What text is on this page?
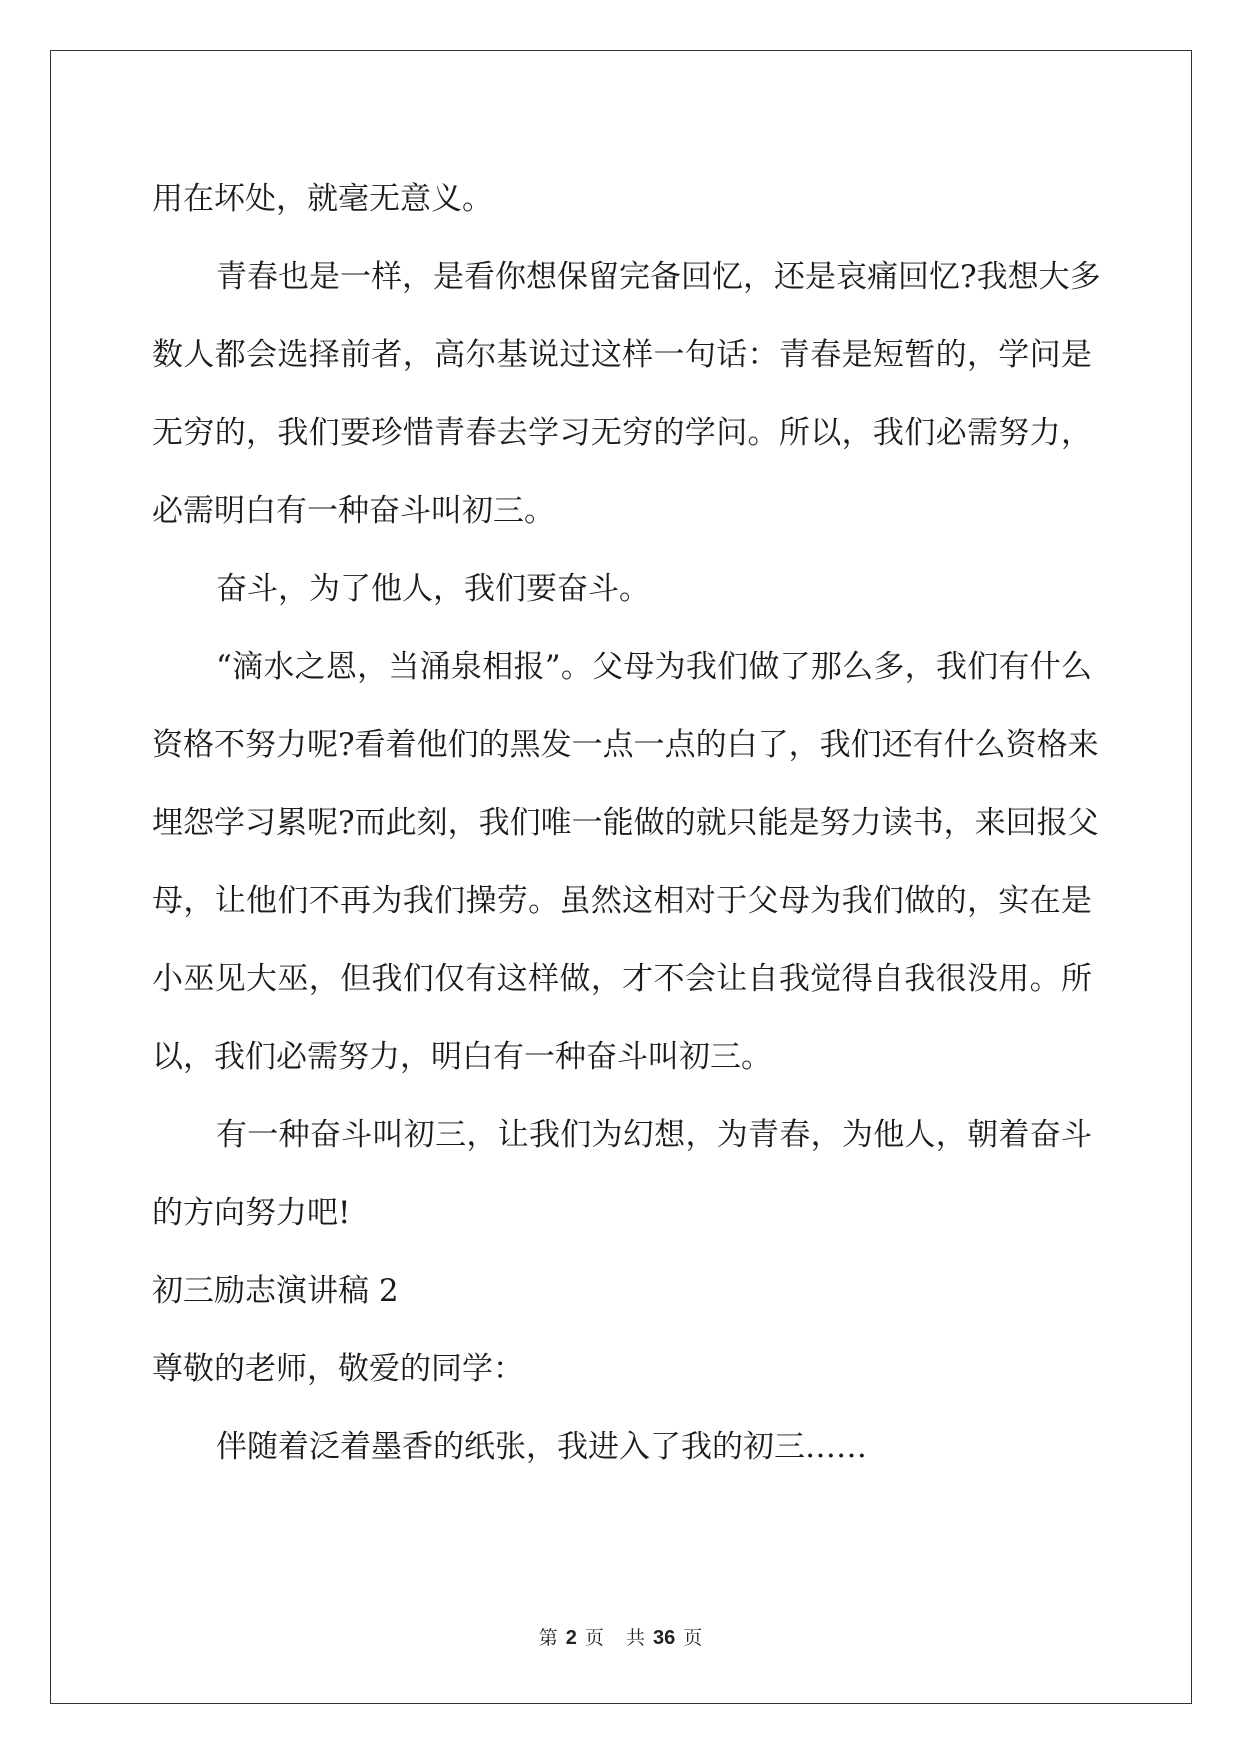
用在坏处，就毫无意义。
青春也是一样，是看你想保留完备回忆，还是哀痛回忆?我想大多
数人都会选择前者，高尔基说过这样一句话：青春是短暂的，学问是
无穷的，我们要珍惜青春去学习无穷的学问。所以，我们必需努力，
必需明白有一种奋斗叫初三。
奋斗，为了他人，我们要奋斗。
“滴水之恩，当涌泉相报”。父母为我们做了那么多，我们有什么
资格不努力呢?看着他们的黑发一点一点的白了，我们还有什么资格来
埋怨学习累呢?而此刻，我们唯一能做的就只能是努力读书，来回报父
母，让他们不再为我们操劳。虽然这相对于父母为我们做的，实在是
小巫见大巫，但我们仅有这样做，才不会让自我觉得自我很没用。所
以，我们必需努力，明白有一种奋斗叫初三。
有一种奋斗叫初三，让我们为幻想，为青春，为他人，朝着奋斗
的方向努力吧!
初三励志演讲稿 2
尊敬的老师，敬爱的同学：
伴随着泛着墨香的纸张，我进入了我的初三……
第 2 页 共 36 页
